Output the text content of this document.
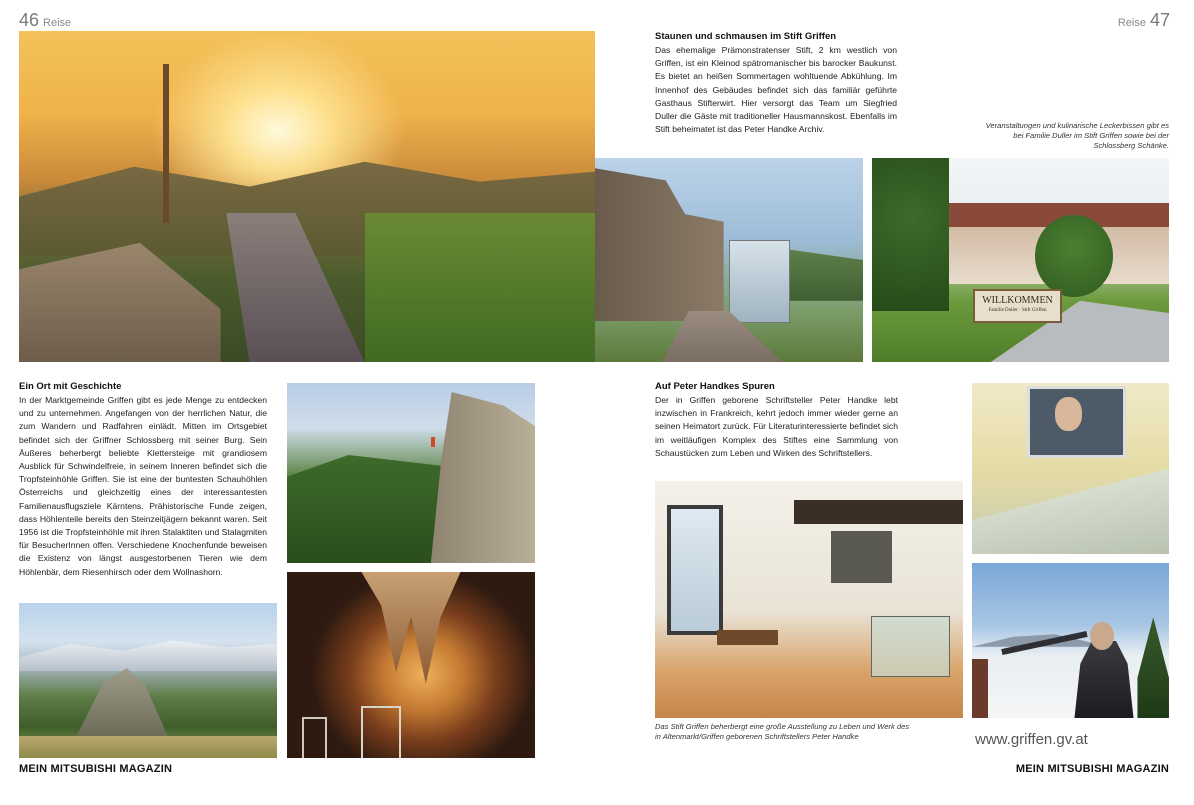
46 Reise	Reise 47
WILLKOMMEN
Familie Duller · Stift Griffen
Staunen und schmausen im Stift Griffen

Das ehemalige Prämonstratenser Stift, 2 km westlich von Griffen, ist ein Kleinod spätromanischer bis barocker Baukunst. Es bietet an heißen Sommertagen wohltuende Abkühlung. Im Innenhof des Gebäudes befindet sich das familiär geführte Gasthaus Stifterwirt. Hier versorgt das Team um Siegfried Duller die Gäste mit traditioneller Hausmannskost. Ebenfalls im Stift beheimatet ist das Peter Handke Archiv.	Veranstaltungen und kulinarische Leckerbissen gibt es bei Familie Duller im Stift Griffen sowie bei der Schlossberg Schänke.
Ein Ort mit Geschichte

In der Marktgemeinde Griffen gibt es jede Menge zu entdecken und zu unternehmen. Angefangen von der herrlichen Natur, die zum Wandern und Radfahren einlädt. Mitten im Ortsgebiet befindet sich der Griffner Schlossberg mit seiner Burg. Sein Äußeres beherbergt beliebte Klettersteige mit grandiosem Ausblick für Schwindelfreie, in seinem Inneren befindet sich die Tropfsteinhöhle Griffen. Sie ist eine der buntesten Schauhöhlen Österreichs und gleichzeitig eines der interessantesten Familienausflugsziele Kärntens. Prähistorische Funde zeigen, dass Höhlenteile bereits den Steinzeitjägern bekannt waren. Seit 1956 ist die Tropfsteinhöhle mit ihren Stalaktiten und Stalagmiten für BesucherInnen offen. Verschiedene Knochenfunde beweisen die Existenz von längst ausgestorbenen Tieren wie dem Höhlenbär, dem Riesenhirsch oder dem Wollnashorn.

Auf Peter Handkes Spuren

Der in Griffen geborene Schriftsteller Peter Handke lebt inzwischen in Frankreich, kehrt jedoch immer wieder gerne an seinen Heimatort zurück. Für Literaturinteressierte befindet sich im weitläufigen Komplex des Stiftes eine Sammlung von Schaustücken zum Leben und Wirken des Schriftstellers.

Das Stift Griffen beherbergt eine große Ausstellung zu Leben und Werk des in Altenmarkt/Griffen geborenen Schriftstellers Peter Handke	www.griffen.gv.at
MEIN MITSUBISHI MAGAZIN	MEIN MITSUBISHI MAGAZIN
